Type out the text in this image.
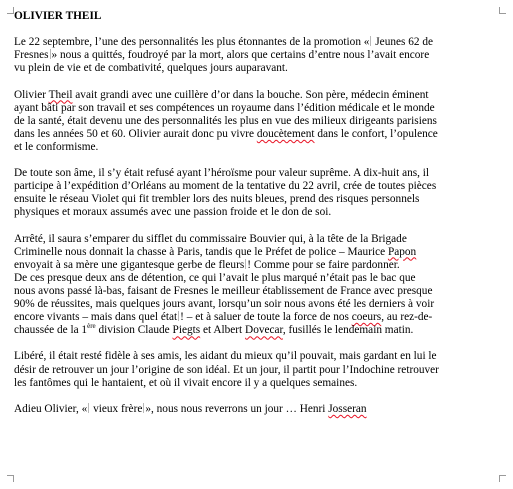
OLIVIER THEIL
Le 22 septembre, l’une des personnalités les plus étonnantes de la promotion « Jeunes 62 de
Fresnes » nous a quittés, foudroyé par la mort, alors que certains d’entre nous l’avait encore
vu plein de vie et de combativité, quelques jours auparavant.
Olivier Theil avait grandi avec une cuillère d’or dans la bouche. Son père, médecin éminent
ayant bâti par son travail et ses compétences un royaume dans l’édition médicale et le monde
de la santé, était devenu une des personnalités les plus en vue des milieux dirigeants parisiens
dans les années 50 et 60. Olivier aurait donc pu vivre doucètement dans le confort, l’opulence
et le conformisme.
De toute son âme, il s’y était refusé ayant l’héroïsme pour valeur suprême. A dix-huit ans, il
participe à l’expédition d’Orléans au moment de la tentative du 22 avril, crée de toutes pièces
ensuite le réseau Violet qui fit trembler lors des nuits bleues, prend des risques personnels
physiques et moraux assumés avec une passion froide et le don de soi.
Arrêté, il saura s’emparer du sifflet du commissaire Bouvier qui, à la tête de la Brigade
Criminelle nous donnait la chasse à Paris, tandis que le Préfet de police – Maurice Papon
envoyait à sa mère une gigantesque gerbe de fleurs ! Comme pour se faire pardonner.
De ces presque deux ans de détention, ce qui l’avait le plus marqué n’était pas le bac que
nous avons passé là-bas, faisant de Fresnes le meilleur établissement de France avec presque
90% de réussites, mais quelques jours avant, lorsqu’un soir nous avons été les derniers à voir
encore vivants – mais dans quel état ! – et à saluer de toute la force de nos coeurs, au rez-de-
chaussée de la 1ère division Claude Piegts et Albert Dovecar, fusillés le lendemain matin.
Libéré, il était resté fidèle à ses amis, les aidant du mieux qu’il pouvait, mais gardant en lui le
désir de retrouver un jour l’origine de son idéal. Et un jour, il partit pour l’Indochine retrouver
les fantômes qui le hantaient, et où il vivait encore il y a quelques semaines.
Adieu Olivier, « vieux frère », nous nous reverrons un jour … Henri Josseran
